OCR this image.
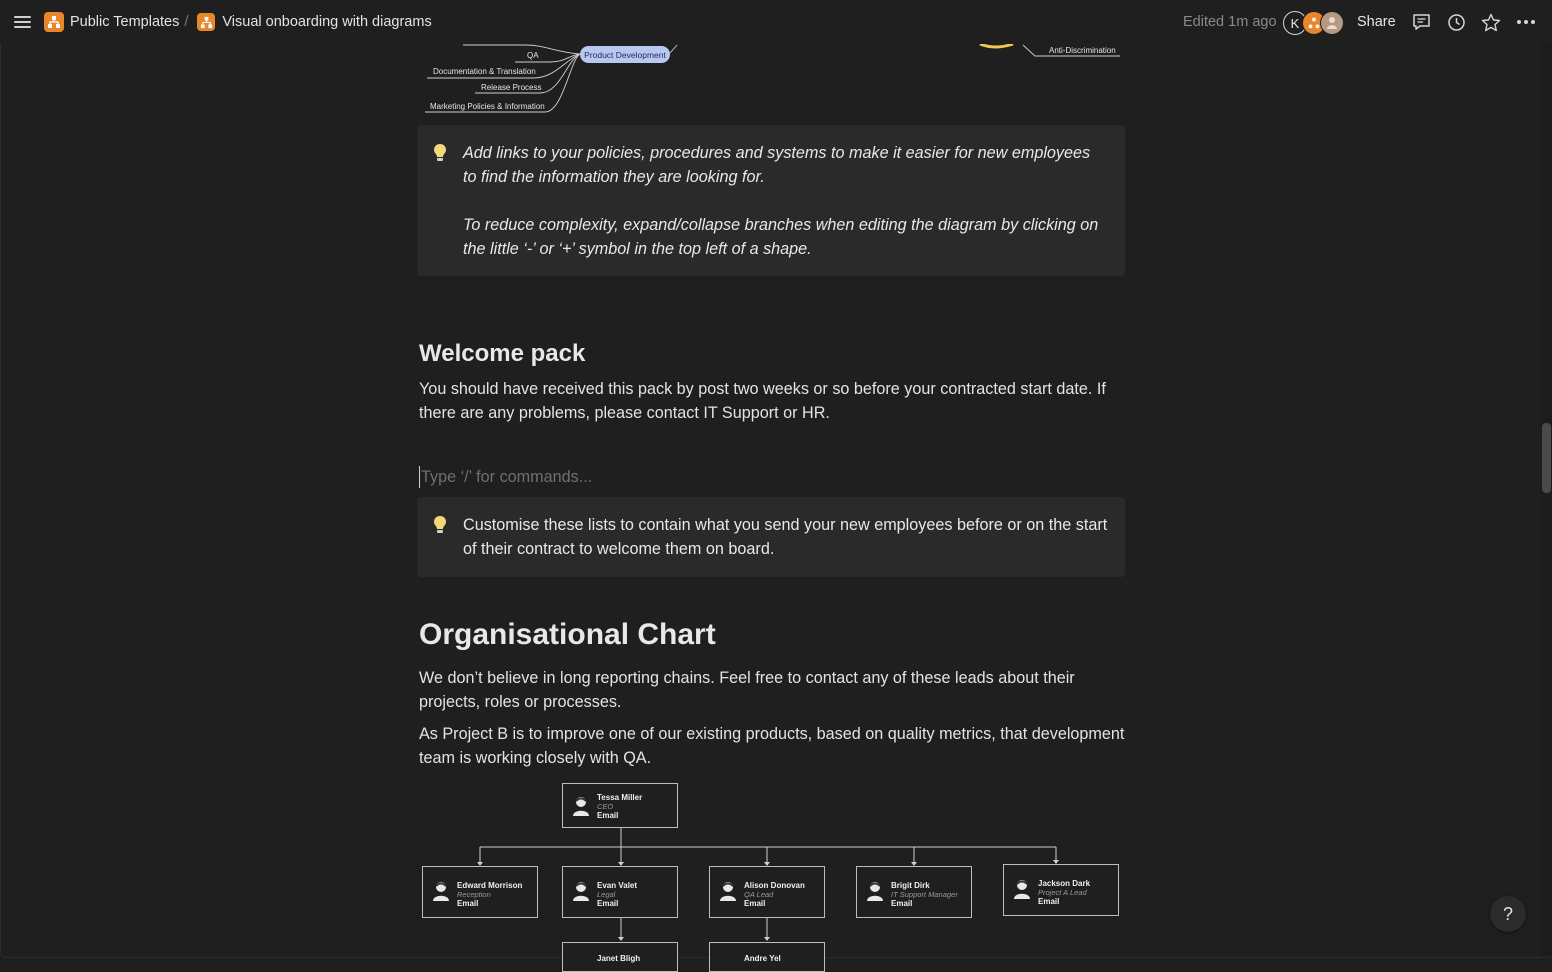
Product Development
QA
Documentation & Translation
Release Process
Marketing Policies & Information
Anti-Discrimination

Add links to your policies, procedures and systems to make it easier for new employees to find the information they are looking for.

To reduce complexity, expand/collapse branches when editing the diagram by clicking on the little ‘-’ or ‘+’ symbol in the top left of a shape.

Welcome pack

You should have received this pack by post two weeks or so before your contracted start date. If there are any problems, please contact IT Support or HR.

Type ‘/’ for commands...

Customise these lists to contain what you send your new employees before or on the start of their contract to welcome them on board.

Organisational Chart

We don’t believe in long reporting chains. Feel free to contact any of these leads about their projects, roles or processes.

As Project B is to improve one of our existing products, based on quality metrics, that development team is working closely with QA.

Tessa Miller
CEO
Email
Edward Morrison
Reception
Email
Evan Valet
Legal
Email
Alison Donovan
QA Lead
Email
Brigit Dirk
IT Support Manager
Email
Jackson Dark
Project A Lead
Email
Janet Bligh	Andre Yel
Public Templates / Visual onboarding with diagrams	Edited 1m ago	K	Share
?
